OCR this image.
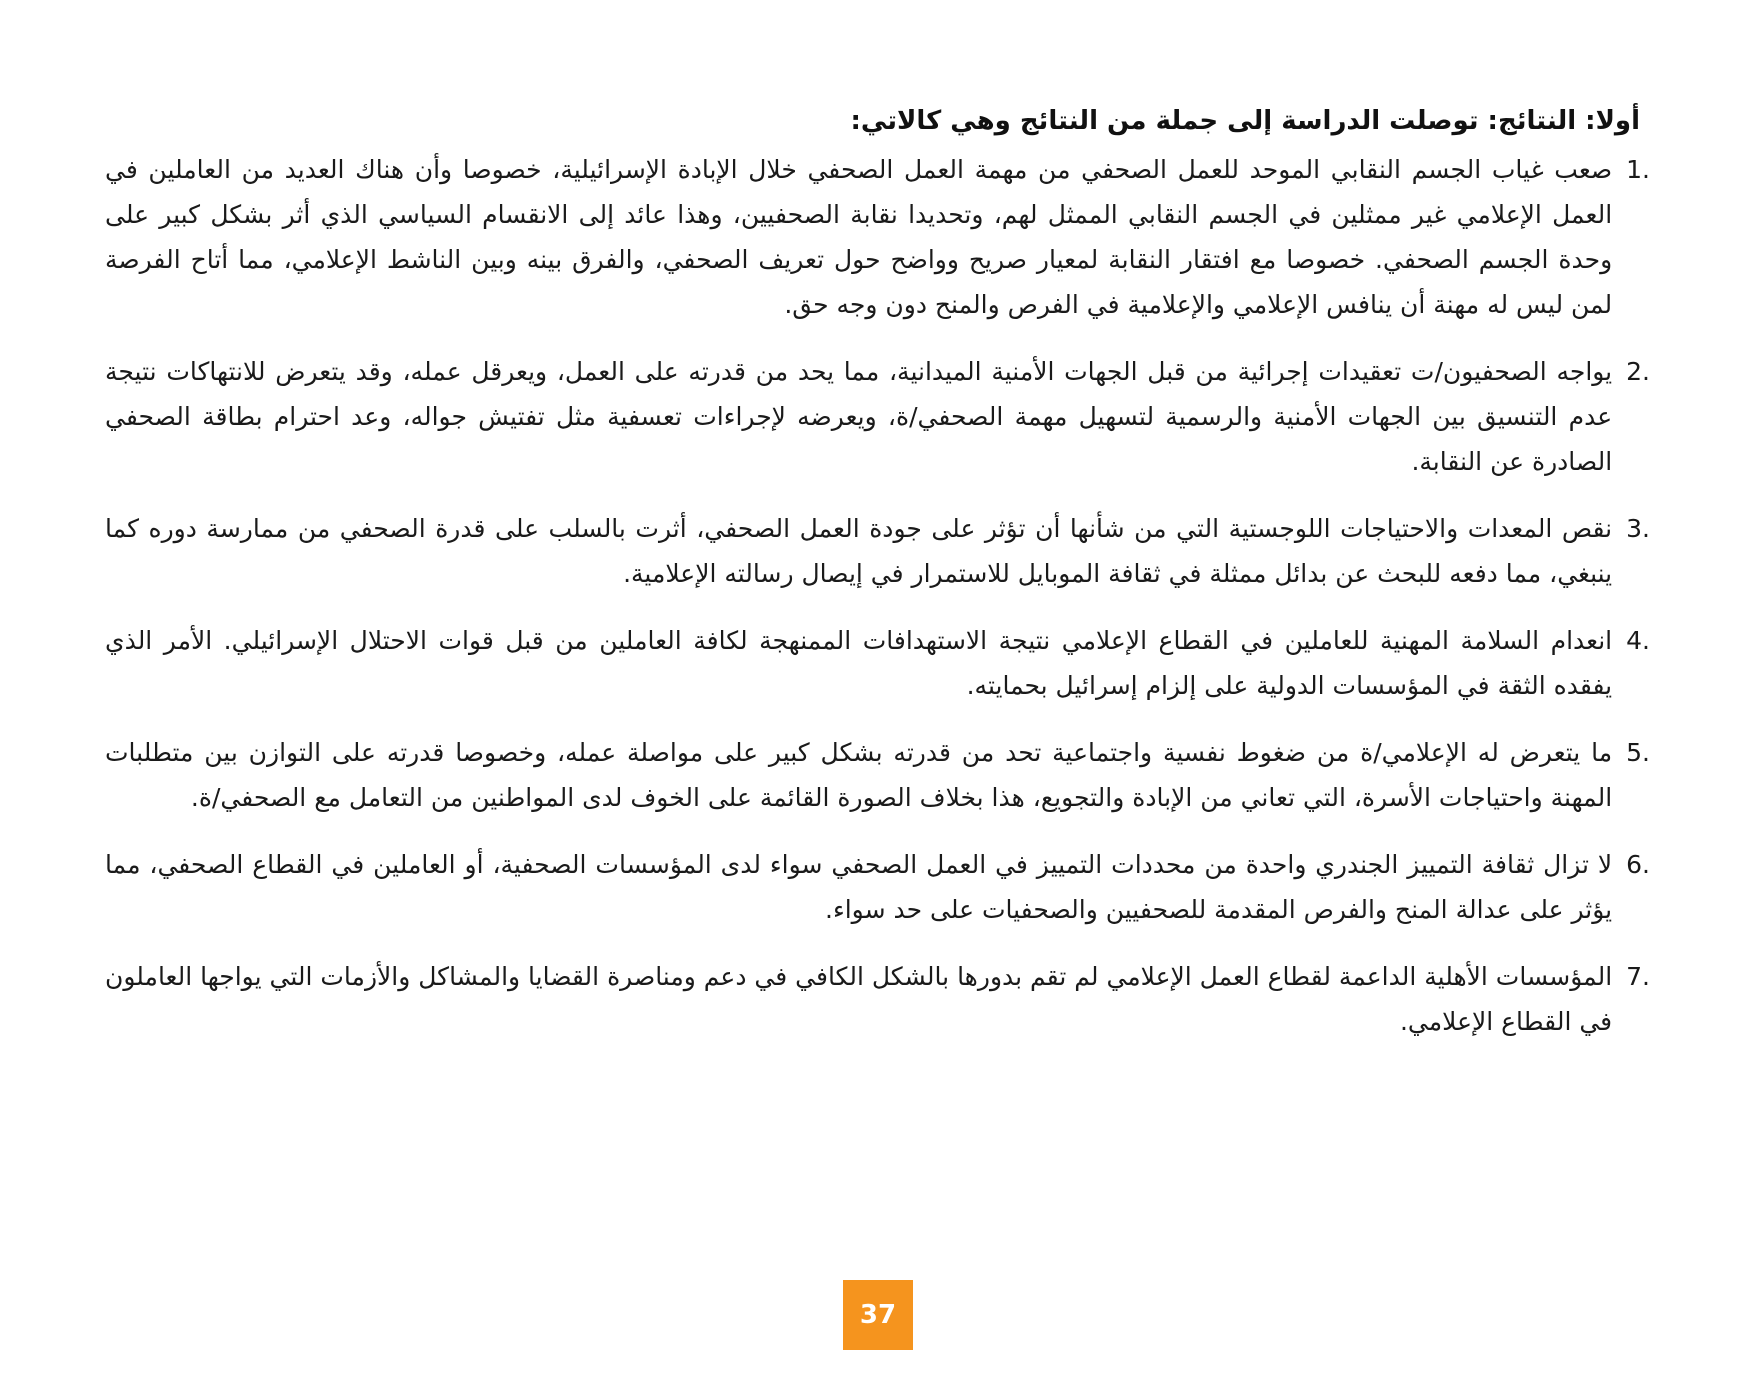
أولا: النتائج: توصلت الدراسة إلى جملة من النتائج وهي كالاتي:
1.
صعب غياب الجسم النقابي الموحد للعمل الصحفي من مهمة العمل الصحفي خلال الإبادة الإسرائيلية، خصوصا وأن هناك العديد من العاملين في العمل الإعلامي غير ممثلين في الجسم النقابي الممثل لهم، وتحديدا نقابة الصحفيين، وهذا عائد إلى الانقسام السياسي الذي أثر بشكل كبير على وحدة الجسم الصحفي. خصوصا مع افتقار النقابة لمعيار صريح وواضح حول تعريف الصحفي، والفرق بينه وبين الناشط الإعلامي، مما أتاح الفرصة لمن ليس له مهنة أن ينافس الإعلامي والإعلامية في الفرص والمنح دون وجه حق.
2.
يواجه الصحفيون/ت تعقيدات إجرائية من قبل الجهات الأمنية الميدانية، مما يحد من قدرته على العمل، ويعرقل عمله، وقد يتعرض للانتهاكات نتيجة عدم التنسيق بين الجهات الأمنية والرسمية لتسهيل مهمة الصحفي/ة، ويعرضه لإجراءات تعسفية مثل تفتيش جواله، وعد احترام بطاقة الصحفي الصادرة عن النقابة.
3.
نقص المعدات والاحتياجات اللوجستية التي من شأنها أن تؤثر على جودة العمل الصحفي، أثرت بالسلب على قدرة الصحفي من ممارسة دوره كما ينبغي، مما دفعه للبحث عن بدائل ممثلة في ثقافة الموبايل للاستمرار في إيصال رسالته الإعلامية.
4.
انعدام السلامة المهنية للعاملين في القطاع الإعلامي نتيجة الاستهدافات الممنهجة لكافة العاملين من قبل قوات الاحتلال الإسرائيلي. الأمر الذي يفقده الثقة في المؤسسات الدولية على إلزام إسرائيل بحمايته.
5.
ما يتعرض له الإعلامي/ة من ضغوط نفسية واجتماعية تحد من قدرته بشكل كبير على مواصلة عمله، وخصوصا قدرته على التوازن بين متطلبات المهنة واحتياجات الأسرة، التي تعاني من الإبادة والتجويع، هذا بخلاف الصورة القائمة على الخوف لدى المواطنين من التعامل مع الصحفي/ة.
6.
لا تزال ثقافة التمييز الجندري واحدة من محددات التمييز في العمل الصحفي سواء لدى المؤسسات الصحفية، أو العاملين في القطاع الصحفي، مما يؤثر على عدالة المنح والفرص المقدمة للصحفيين والصحفيات على حد سواء.
7.
المؤسسات الأهلية الداعمة لقطاع العمل الإعلامي لم تقم بدورها بالشكل الكافي في دعم ومناصرة القضايا والمشاكل والأزمات التي يواجها العاملون في القطاع الإعلامي.
37
